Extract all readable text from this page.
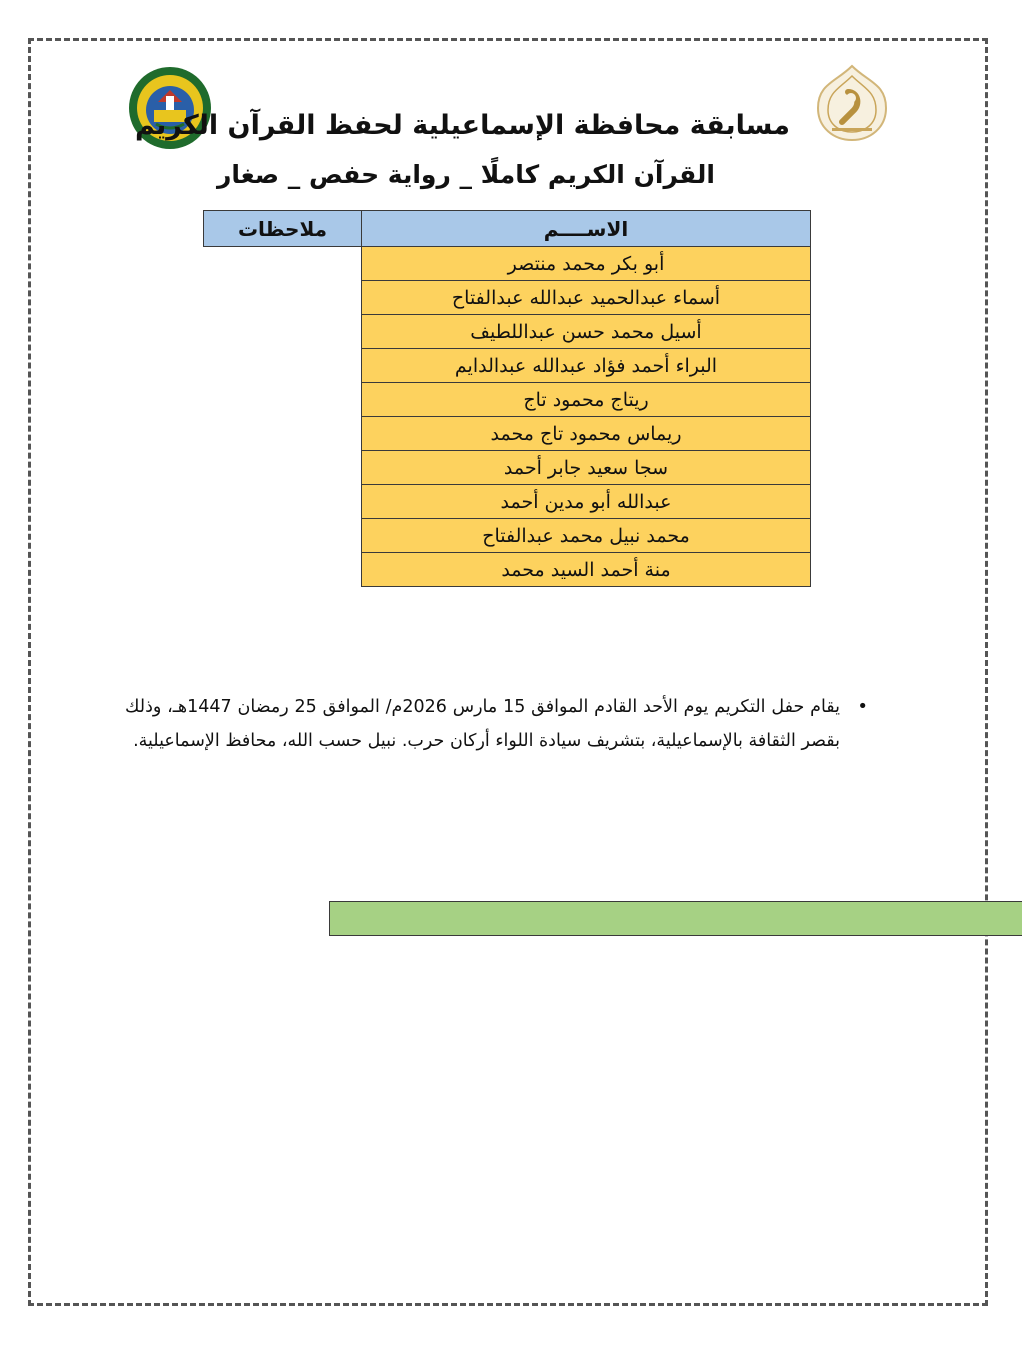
مسابقة محافظة الإسماعيلية لحفظ القرآن الكريم
القرآن الكريم كاملًا _ رواية حفص _ صغار
الاســــم	ملاحظات
أبو بكر محمد منتصر	

أسماء عبدالحميد عبدالله عبدالفتاح	

أسيل محمد حسن عبداللطيف	

البراء أحمد فؤاد عبدالله عبدالدايم	

ريتاج محمود تاج	

ريماس محمود تاج محمد	

سجا سعيد جابر أحمد	

عبدالله أبو مدين أحمد	

محمد نبيل محمد عبدالفتاح	

منة أحمد السيد محمد	
•
يقام حفل التكريم يوم الأحد القادم الموافق 15 مارس 2026م/ الموافق 25 رمضان 1447هـ، وذلك بقصر الثقافة بالإسماعيلية، بتشريف سيادة اللواء أركان حرب. نبيل حسب الله، محافظ الإسماعيلية.
